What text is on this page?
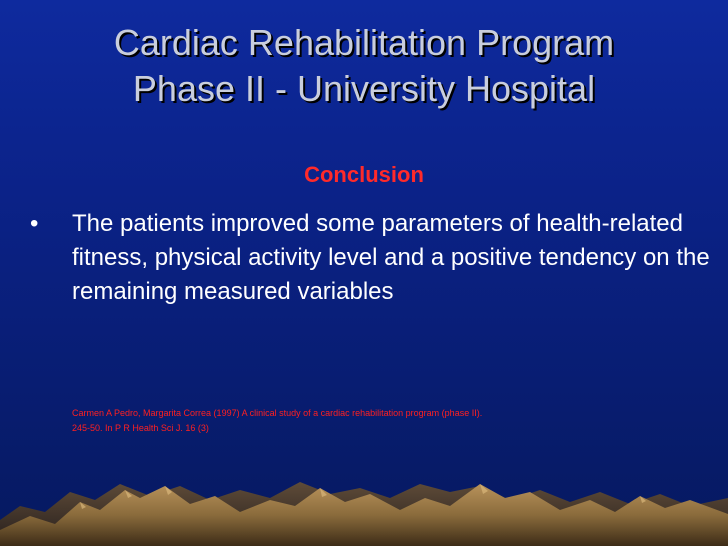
Cardiac Rehabilitation Program
Phase II - University Hospital
Conclusion
• The patients improved some parameters of health-related fitness, physical activity level and a positive tendency on the remaining measured variables
Carmen A Pedro, Margarita Correa (1997) A clinical study of a cardiac rehabilitation program (phase II).
245-50. In P R Health Sci J. 16 (3)
